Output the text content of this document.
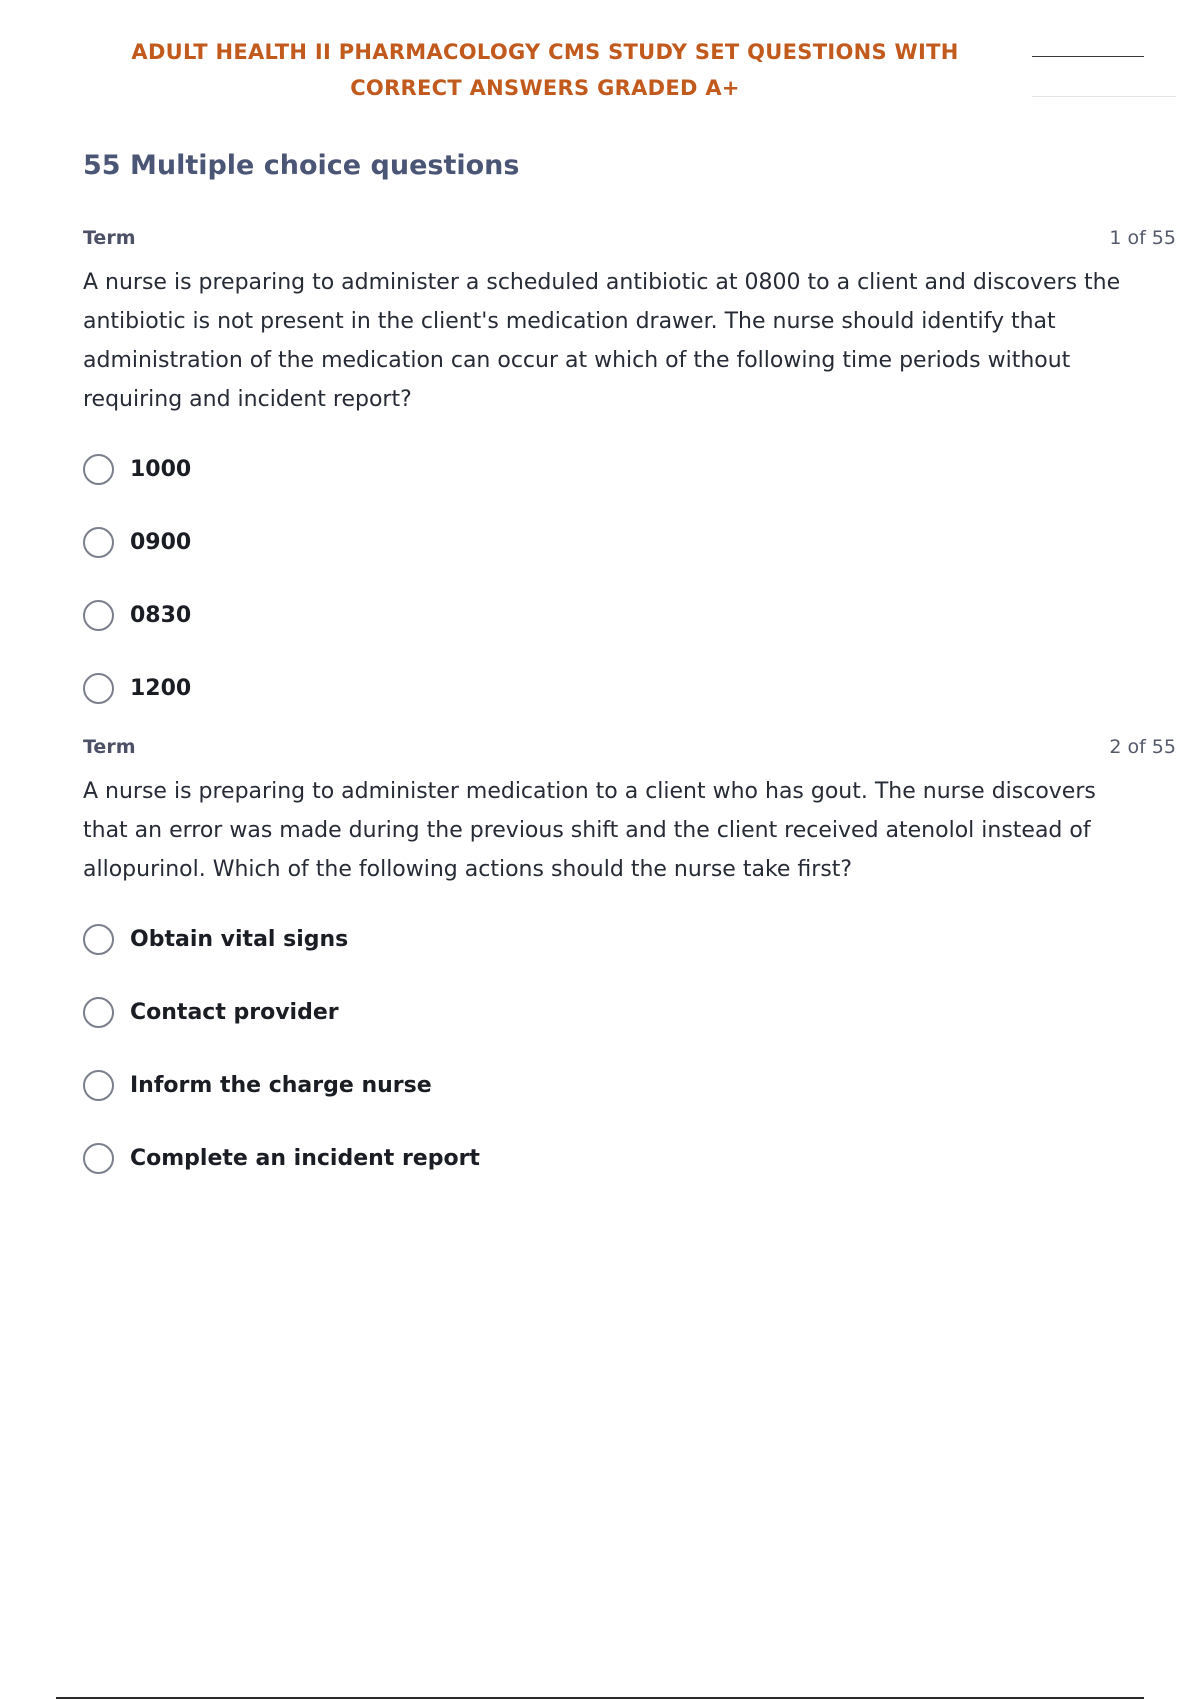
ADULT HEALTH II PHARMACOLOGY CMS STUDY SET QUESTIONS WITH
CORRECT ANSWERS GRADED A+
55 Multiple choice questions
Term	1 of 55
A nurse is preparing to administer a scheduled antibiotic at 0800 to a client and discovers the antibiotic is not present in the client's medication drawer. The nurse should identify that administration of the medication can occur at which of the following time periods without requiring and incident report?
1000
0900
0830
1200
Term	2 of 55
A nurse is preparing to administer medication to a client who has gout. The nurse discovers that an error was made during the previous shift and the client received atenolol instead of allopurinol. Which of the following actions should the nurse take first?
Obtain vital signs
Contact provider
Inform the charge nurse
Complete an incident report
